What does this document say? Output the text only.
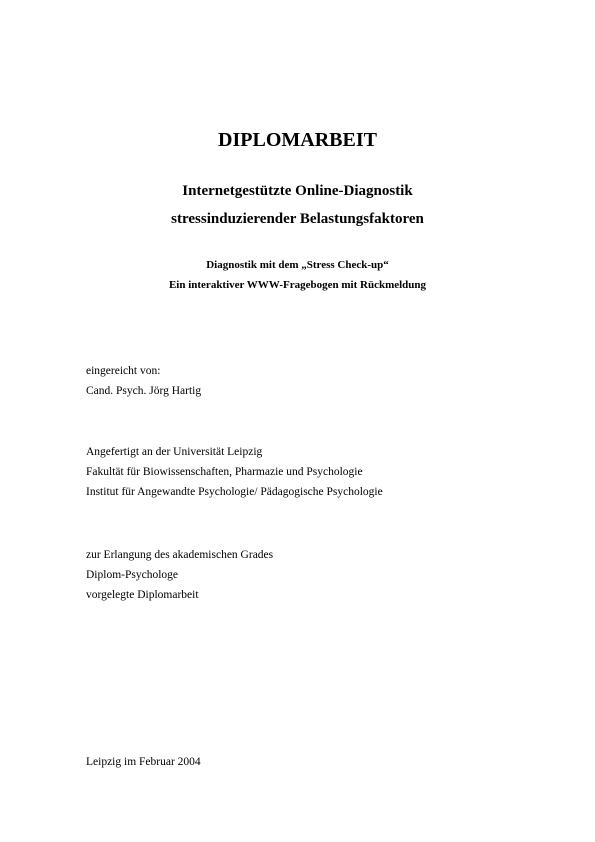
DIPLOMARBEIT
Internetgestützte Online-Diagnostik
stressinduzierender Belastungsfaktoren
Diagnostik mit dem „Stress Check-up“
Ein interaktiver WWW-Fragebogen mit Rückmeldung
eingereicht von:
Cand. Psych. Jörg Hartig
Angefertigt an der Universität Leipzig
Fakultät für Biowissenschaften, Pharmazie und Psychologie
Institut für Angewandte Psychologie/ Pädagogische Psychologie
zur Erlangung des akademischen Grades
Diplom-Psychologe
vorgelegte Diplomarbeit
Leipzig im Februar 2004
